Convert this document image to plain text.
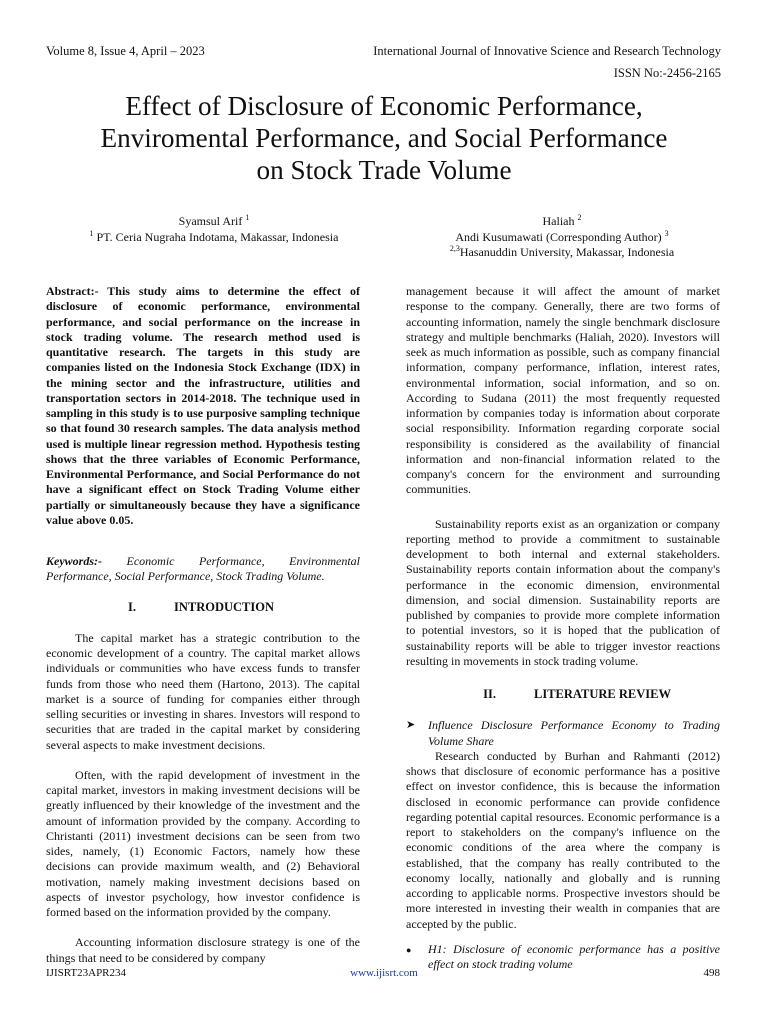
Volume 8, Issue 4, April – 2023	International Journal of Innovative Science and Research Technology
ISSN No:-2456-2165
Effect of Disclosure of Economic Performance,
Enviromental Performance, and Social Performance
on Stock Trade Volume
Syamsul Arif $^1$
$^1$ PT. Ceria Nugraha Indotama, Makassar, Indonesia
Haliah $^2$
Andi Kusumawati (Corresponding Author) $^3$
$^{2,3}$Hasanuddin University, Makassar, Indonesia

Abstract:- This study aims to determine the effect of disclosure of economic performance, environmental performance, and social performance on the increase in stock trading volume. The research method used is quantitative research. The targets in this study are companies listed on the Indonesia Stock Exchange (IDX) in the mining sector and the infrastructure, utilities and transportation sectors in 2014-2018. The technique used in sampling in this study is to use purposive sampling technique so that found 30 research samples. The data analysis method used is multiple linear regression method. Hypothesis testing shows that the three variables of Economic Performance, Environmental Performance, and Social Performance do not have a significant effect on Stock Trading Volume either partially or simultaneously because they have a significance value above 0.05.

Keywords:- Economic Performance, Environmental Performance, Social Performance, Stock Trading Volume.

I.	INTRODUCTION

The capital market has a strategic contribution to the economic development of a country. The capital market allows individuals or communities who have excess funds to transfer funds from those who need them (Hartono, 2013). The capital market is a source of funding for companies either through selling securities or investing in shares. Investors will respond to securities that are traded in the capital market by considering several aspects to make investment decisions.

Often, with the rapid development of investment in the capital market, investors in making investment decisions will be greatly influenced by their knowledge of the investment and the amount of information provided by the company. According to Christanti (2011) investment decisions can be seen from two sides, namely, (1) Economic Factors, namely how these decisions can provide maximum wealth, and (2) Behavioral motivation, namely making investment decisions based on aspects of investor psychology, how investor confidence is formed based on the information provided by the company.

Accounting information disclosure strategy is one of the things that need to be considered by company

management because it will affect the amount of market response to the company. Generally, there are two forms of accounting information, namely the single benchmark disclosure strategy and multiple benchmarks (Haliah, 2020). Investors will seek as much information as possible, such as company financial information, company performance, inflation, interest rates, environmental information, social information, and so on. According to Sudana (2011) the most frequently requested information by companies today is information about corporate social responsibility. Information regarding corporate social responsibility is considered as the availability of financial information and non-financial information related to the company's concern for the environment and surrounding communities.

Sustainability reports exist as an organization or company reporting method to provide a commitment to sustainable development to both internal and external stakeholders. Sustainability reports contain information about the company's performance in the economic dimension, environmental dimension, and social dimension. Sustainability reports are published by companies to provide more complete information to potential investors, so it is hoped that the publication of sustainability reports will be able to trigger investor reactions resulting in movements in stock trading volume.

II.	LITERATURE REVIEW
➤	Influence Disclosure Performance Economy to Trading Volume Share

Research conducted by Burhan and Rahmanti (2012) shows that disclosure of economic performance has a positive effect on investor confidence, this is because the information disclosed in economic performance can provide confidence regarding potential capital resources. Economic performance is a report to stakeholders on the company's influence on the economic conditions of the area where the company is established, that the company has really contributed to the economy locally, nationally and globally and is running according to applicable norms. Prospective investors should be more interested in investing their wealth in companies that are accepted by the public.

●	H1: Disclosure of economic performance has a positive effect on stock trading volume
IJISRT23APR234	www.ijisrt.com	498
